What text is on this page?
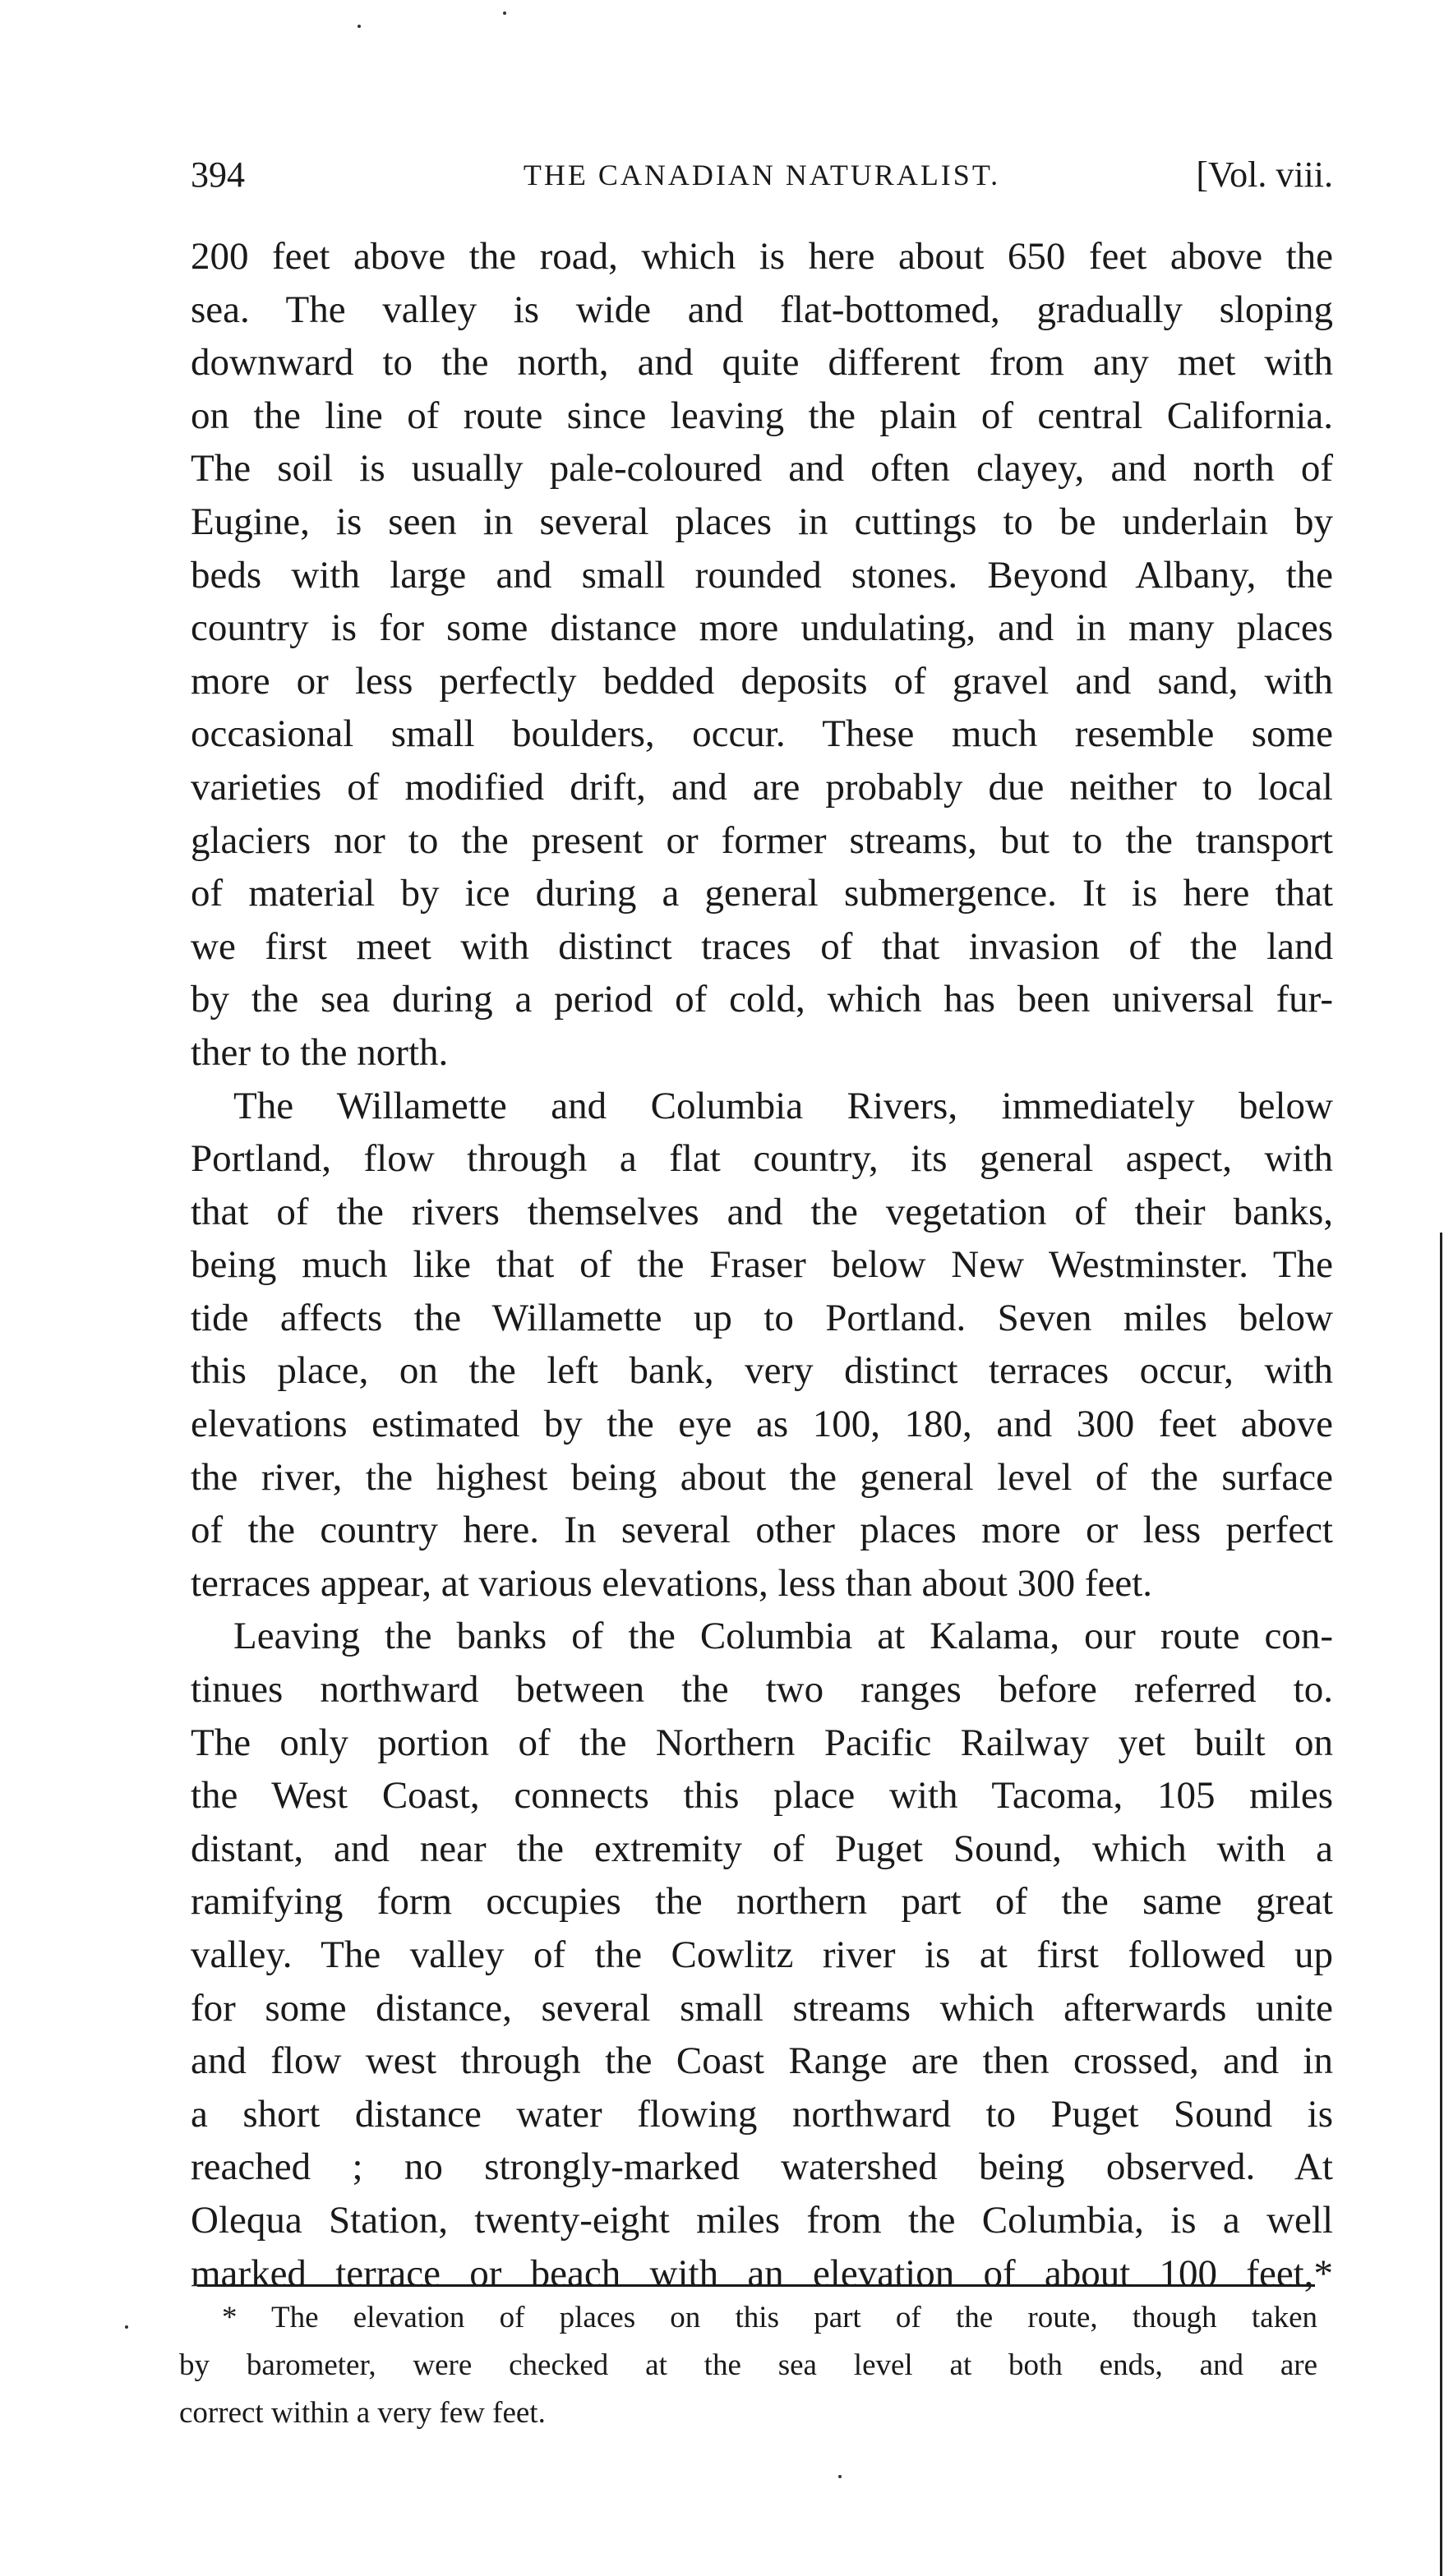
394	THE CANADIAN NATURALIST.	[Vol. viii.
200 feet above the road, which is here about 650 feet above the
sea. The valley is wide and flat-bottomed, gradually sloping
downward to the north, and quite different from any met with
on the line of route since leaving the plain of central California.
The soil is usually pale-coloured and often clayey, and north of
Eugine, is seen in several places in cuttings to be underlain by
beds with large and small rounded stones. Beyond Albany, the
country is for some distance more undulating, and in many places
more or less perfectly bedded deposits of gravel and sand, with
occasional small boulders, occur. These much resemble some
varieties of modified drift, and are probably due neither to local
glaciers nor to the present or former streams, but to the transport
of material by ice during a general submergence. It is here that
we first meet with distinct traces of that invasion of the land
by the sea during a period of cold, which has been universal fur-
ther to the north.
The Willamette and Columbia Rivers, immediately below
Portland, flow through a flat country, its general aspect, with
that of the rivers themselves and the vegetation of their banks,
being much like that of the Fraser below New Westminster. The
tide affects the Willamette up to Portland. Seven miles below
this place, on the left bank, very distinct terraces occur, with
elevations estimated by the eye as 100, 180, and 300 feet above
the river, the highest being about the general level of the surface
of the country here. In several other places more or less perfect
terraces appear, at various elevations, less than about 300 feet.
Leaving the banks of the Columbia at Kalama, our route con-
tinues northward between the two ranges before referred to.
The only portion of the Northern Pacific Railway yet built on
the West Coast, connects this place with Tacoma, 105 miles
distant, and near the extremity of Puget Sound, which with a
ramifying form occupies the northern part of the same great
valley. The valley of the Cowlitz river is at first followed up
for some distance, several small streams which afterwards unite
and flow west through the Coast Range are then crossed, and in
a short distance water flowing northward to Puget Sound is
reached ; no strongly-marked watershed being observed. At
Olequa Station, twenty-eight miles from the Columbia, is a well
marked terrace or beach with an elevation of about 100 feet,*
* The elevation of places on this part of the route, though taken
by barometer, were checked at the sea level at both ends, and are
correct within a very few feet.
